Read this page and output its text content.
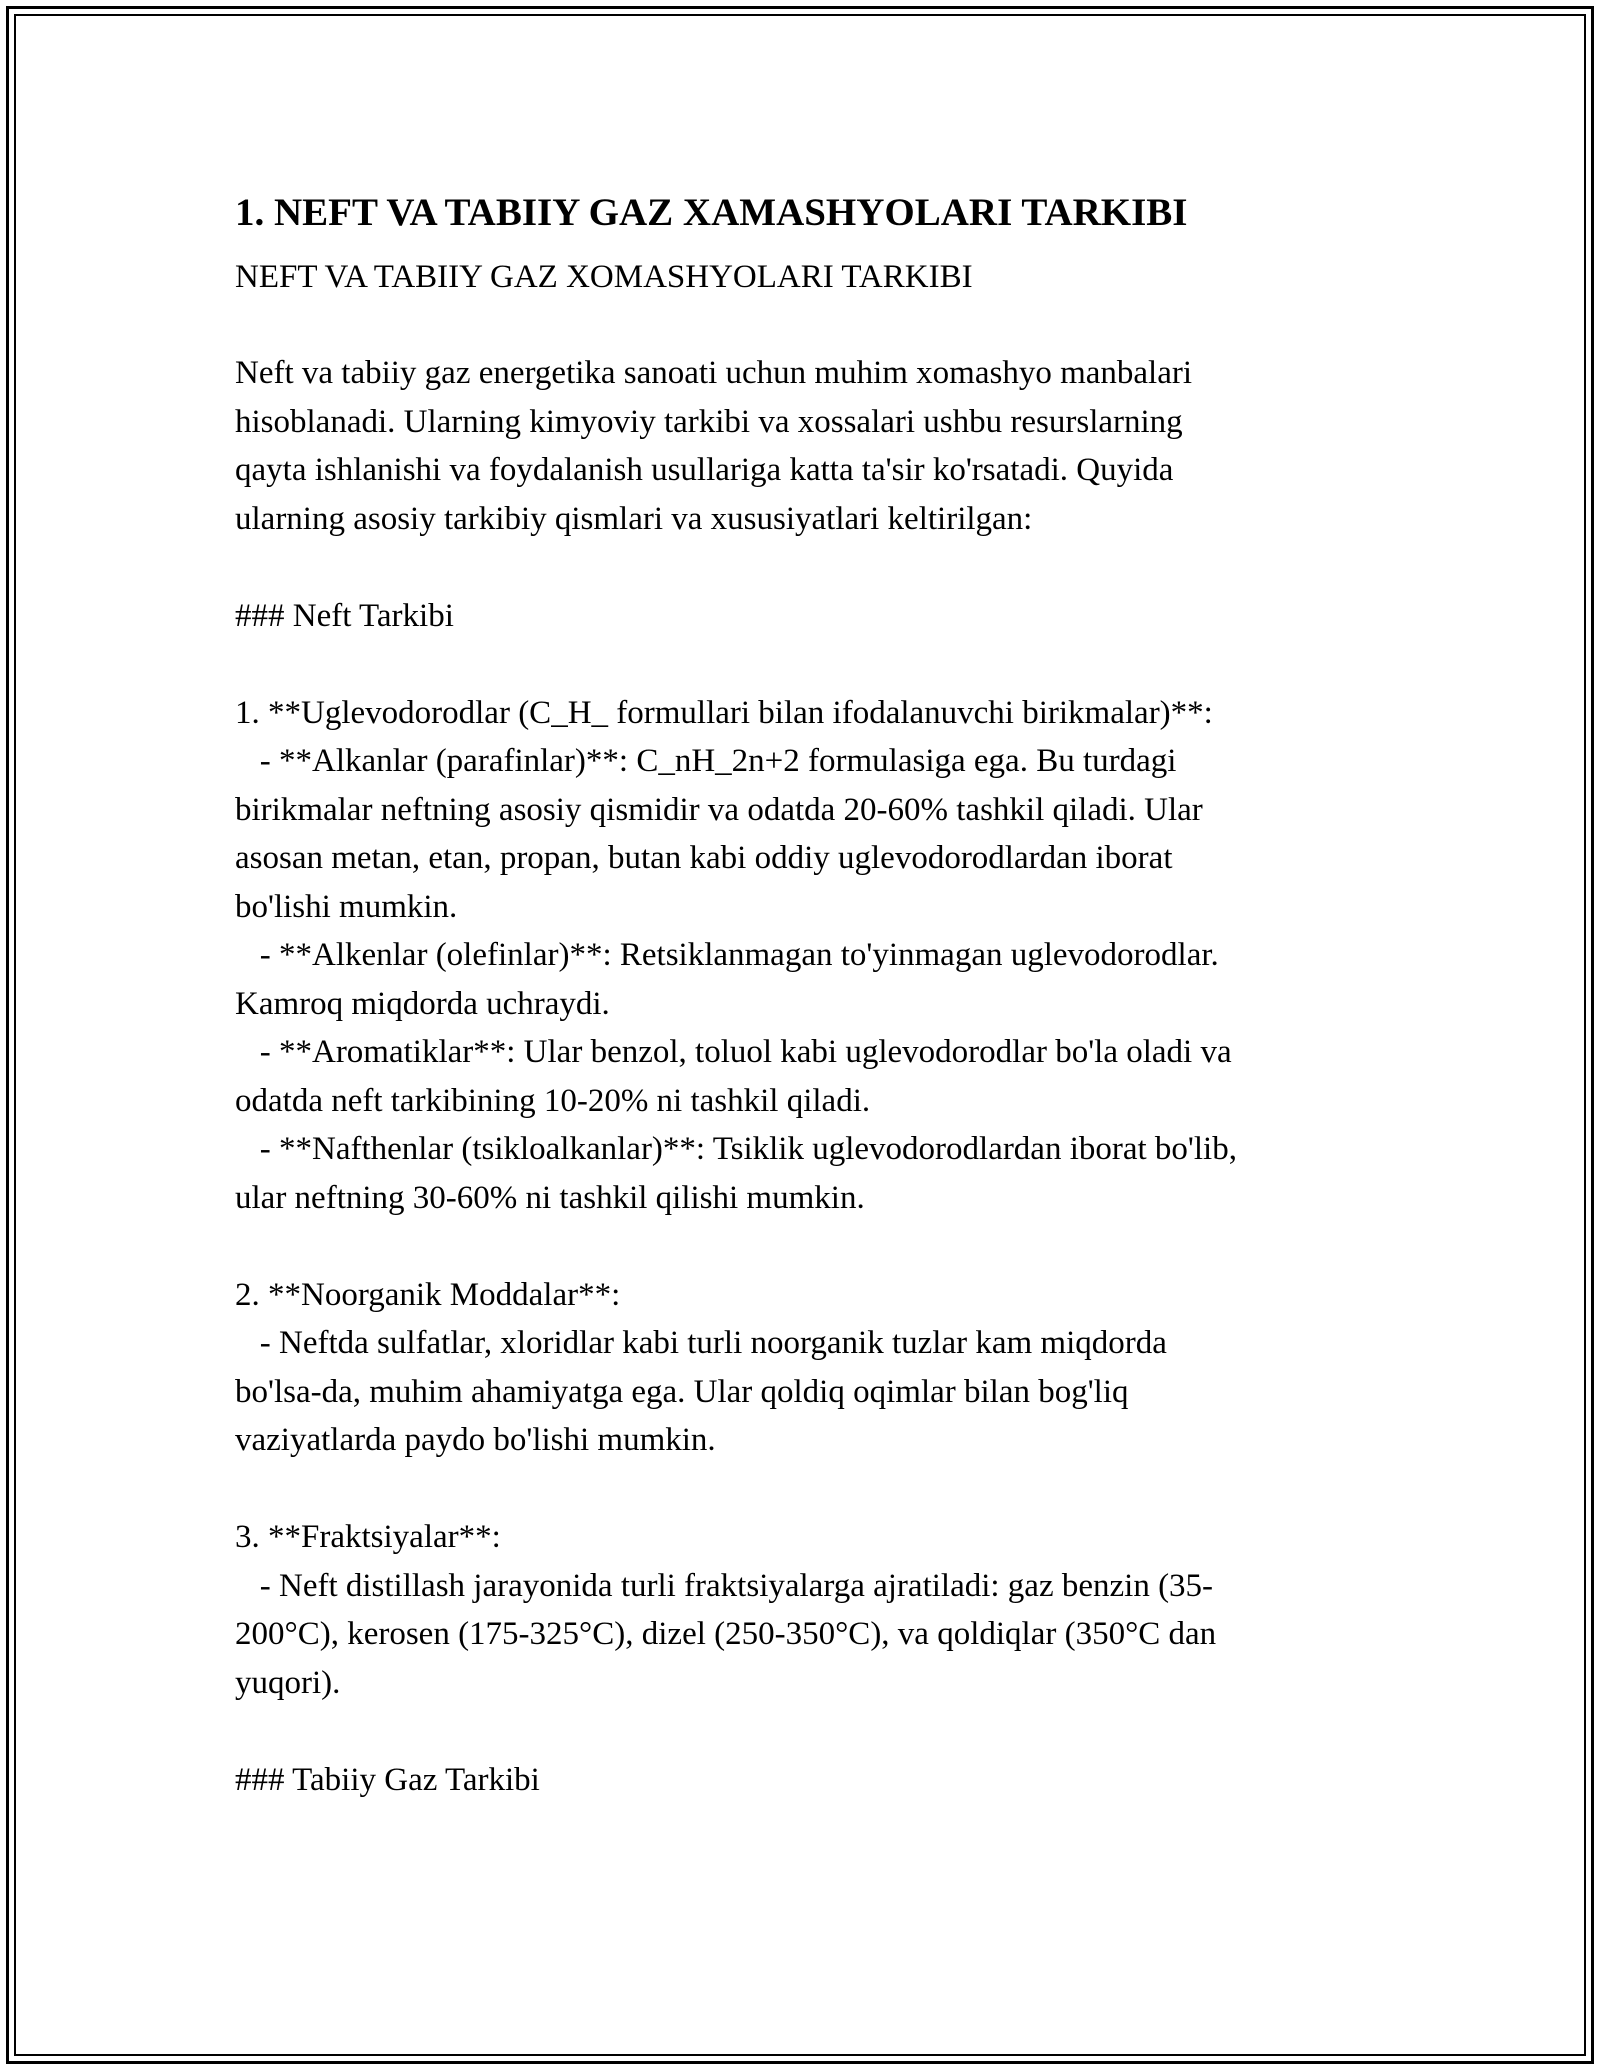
1. NEFT VA TABIIY GAZ XAMASHYOLARI TARKIBI

NEFT VA TABIIY GAZ XOMASHYOLARI TARKIBI

Neft va tabiiy gaz energetika sanoati uchun muhim xomashyo manbalari

hisoblanadi. Ularning kimyoviy tarkibi va xossalari ushbu resurslarning

qayta ishlanishi va foydalanish usullariga katta ta'sir ko'rsatadi. Quyida

ularning asosiy tarkibiy qismlari va xususiyatlari keltirilgan:

### Neft Tarkibi

1. **Uglevodorodlar (C_H_ formullari bilan ifodalanuvchi birikmalar)**:

- **Alkanlar (parafinlar)**: C_nH_2n+2 formulasiga ega. Bu turdagi

birikmalar neftning asosiy qismidir va odatda 20-60% tashkil qiladi. Ular

asosan metan, etan, propan, butan kabi oddiy uglevodorodlardan iborat

bo'lishi mumkin.

- **Alkenlar (olefinlar)**: Retsiklanmagan to'yinmagan uglevodorodlar.

Kamroq miqdorda uchraydi.

- **Aromatiklar**: Ular benzol, toluol kabi uglevodorodlar bo'la oladi va

odatda neft tarkibining 10-20% ni tashkil qiladi.

- **Nafthenlar (tsikloalkanlar)**: Tsiklik uglevodorodlardan iborat bo'lib,

ular neftning 30-60% ni tashkil qilishi mumkin.

2. **Noorganik Moddalar**:

- Neftda sulfatlar, xloridlar kabi turli noorganik tuzlar kam miqdorda

bo'lsa-da, muhim ahamiyatga ega. Ular qoldiq oqimlar bilan bog'liq

vaziyatlarda paydo bo'lishi mumkin.

3. **Fraktsiyalar**:

- Neft distillash jarayonida turli fraktsiyalarga ajratiladi: gaz benzin (35-

200°C), kerosen (175-325°C), dizel (250-350°C), va qoldiqlar (350°C dan

yuqori).

### Tabiiy Gaz Tarkibi
